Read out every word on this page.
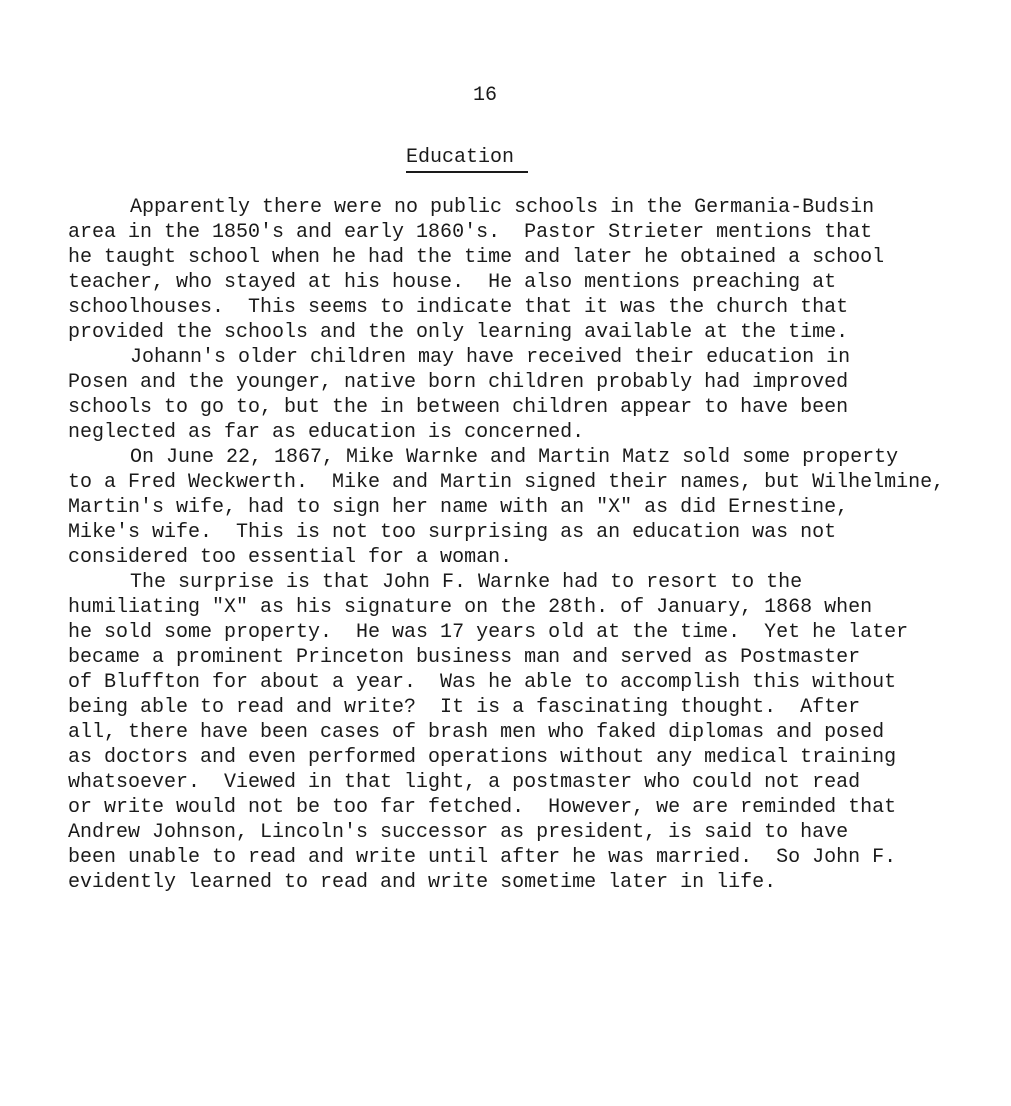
16
Education
Apparently there were no public schools in the Germania-Budsin
area in the 1850's and early 1860's.  Pastor Strieter mentions that
he taught school when he had the time and later he obtained a school
teacher, who stayed at his house.  He also mentions preaching at
schoolhouses.  This seems to indicate that it was the church that
provided the schools and the only learning available at the time.
Johann's older children may have received their education in
Posen and the younger, native born children probably had improved
schools to go to, but the in between children appear to have been
neglected as far as education is concerned.
On June 22, 1867, Mike Warnke and Martin Matz sold some property
to a Fred Weckwerth.  Mike and Martin signed their names, but Wilhelmine,
Martin's wife, had to sign her name with an "X" as did Ernestine,
Mike's wife.  This is not too surprising as an education was not
considered too essential for a woman.
The surprise is that John F. Warnke had to resort to the
humiliating "X" as his signature on the 28th. of January, 1868 when
he sold some property.  He was 17 years old at the time.  Yet he later
became a prominent Princeton business man and served as Postmaster
of Bluffton for about a year.  Was he able to accomplish this without
being able to read and write?  It is a fascinating thought.  After
all, there have been cases of brash men who faked diplomas and posed
as doctors and even performed operations without any medical training
whatsoever.  Viewed in that light, a postmaster who could not read
or write would not be too far fetched.  However, we are reminded that
Andrew Johnson, Lincoln's successor as president, is said to have
been unable to read and write until after he was married.  So John F.
evidently learned to read and write sometime later in life.
